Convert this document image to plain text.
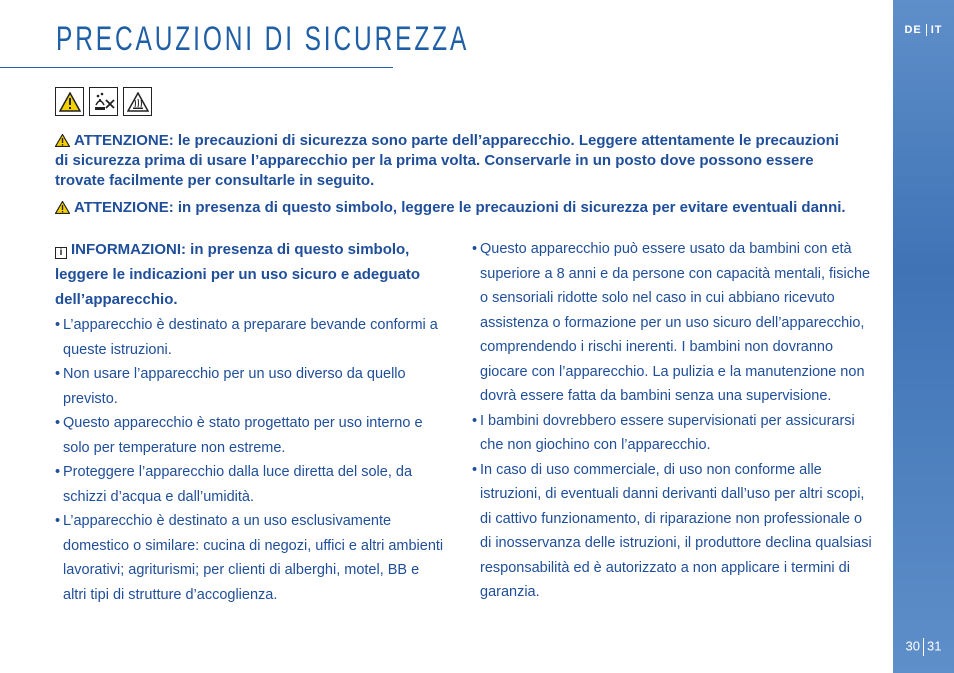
PRECAUZIONI DI SICUREZZA	DE IT
30 31
ATTENZIONE: le precauzioni di sicurezza sono parte dell’apparecchio. Leggere attentamente le precauzioni di sicurezza prima di usare l’apparecchio per la prima volta. Conservarle in un posto dove possono essere trovate facilmente per consultarle in seguito.
ATTENZIONE: in presenza di questo simbolo, leggere le precauzioni di sicurezza per evitare eventuali danni.
i INFORMAZIONI: in presenza di questo simbolo, leggere le indicazioni per un uso sicuro e adeguato dell’apparecchio.
• L’apparecchio è destinato a preparare bevande conformi a queste istruzioni.
• Non usare l’apparecchio per un uso diverso da quello previsto.
• Questo apparecchio è stato progettato per uso interno e solo per temperature non estreme.
• Proteggere l’apparecchio dalla luce diretta del sole, da schizzi d’acqua e dall’umidità.
• L’apparecchio è destinato a un uso esclusivamente domestico o similare: cucina di negozi, uffici e altri ambienti lavorativi; agriturismi; per clienti di alberghi, motel, BB e altri tipi di strutture d’accoglienza.
• Questo apparecchio può essere usato da bambini con età superiore a 8 anni e da persone con capacità mentali, fisiche o sensoriali ridotte solo nel caso in cui abbiano ricevuto assistenza o formazione per un uso sicuro dell’apparecchio, comprendendo i rischi inerenti. I bambini non dovranno giocare con l’apparecchio. La pulizia e la manutenzione non dovrà essere fatta da bambini senza una supervisione.
• I bambini dovrebbero essere supervisionati per assicurarsi che non giochino con l’apparecchio.
• In caso di uso commerciale, di uso non conforme alle istruzioni, di eventuali danni derivanti dall’uso per altri scopi, di cattivo funzionamento, di riparazione non professionale o di inosservanza delle istruzioni, il produttore declina qualsiasi responsabilità ed è autorizzato a non applicare i termini di garanzia.
